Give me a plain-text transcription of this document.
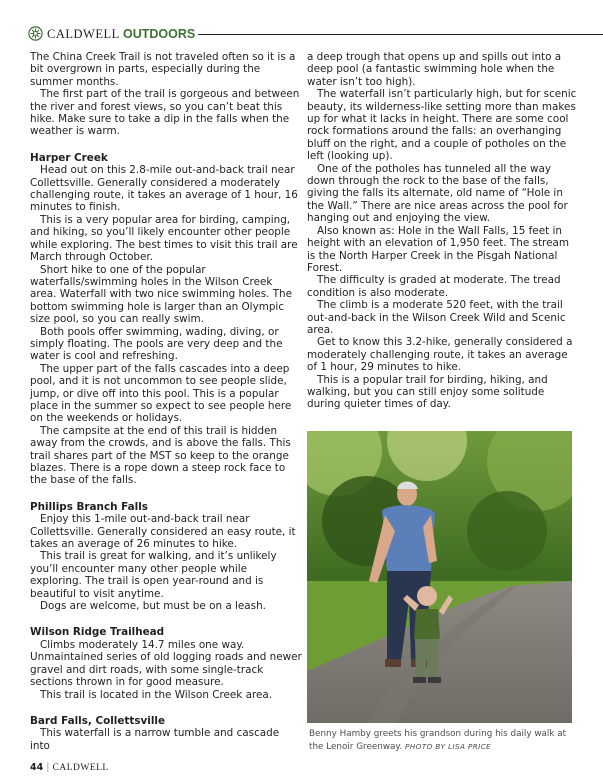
CALDWELL OUTDOORS

The China Creek Trail is not traveled often so it is a bit overgrown in parts, especially during the summer months.

The first part of the trail is gorgeous and between the river and forest views, so you can’t beat this hike. Make sure to take a dip in the falls when the weather is warm.

Harper Creek

Head out on this 2.8-mile out-and-back trail near Collettsville. Generally considered a moderately challenging route, it takes an average of 1 hour, 16 minutes to finish.

This is a very popular area for birding, camping, and hiking, so you’ll likely encounter other people while exploring. The best times to visit this trail are March through October.

Short hike to one of the popular waterfalls/swimming holes in the Wilson Creek area. Waterfall with two nice swimming holes. The bottom swimming hole is larger than an Olympic size pool, so you can really swim.

Both pools offer swimming, wading, diving, or simply floating. The pools are very deep and the water is cool and refreshing.

The upper part of the falls cascades into a deep pool, and it is not uncommon to see people slide, jump, or dive off into this pool. This is a popular place in the summer so expect to see people here on the weekends or holidays.

The campsite at the end of this trail is hidden away from the crowds, and is above the falls. This trail shares part of the MST so keep to the orange blazes. There is a rope down a steep rock face to the base of the falls.

Phillips Branch Falls

Enjoy this 1-mile out-and-back trail near Collettsville. Generally considered an easy route, it takes an average of 26 minutes to hike.

This trail is great for walking, and it’s unlikely you’ll encounter many other people while exploring. The trail is open year-round and is beautiful to visit anytime.

Dogs are welcome, but must be on a leash.

Wilson Ridge Trailhead

Climbs moderately 14.7 miles one way. Unmaintained series of old logging roads and newer gravel and dirt roads, with some single-track sections thrown in for good measure.

This trail is located in the Wilson Creek area.

Bard Falls, Collettsville

This waterfall is a narrow tumble and cascade into

a deep trough that opens up and spills out into a deep pool (a fantastic swimming hole when the water isn’t too high).

The waterfall isn’t particularly high, but for scenic beauty, its wilderness-like setting more than makes up for what it lacks in height. There are some cool rock formations around the falls: an overhanging bluff on the right, and a couple of potholes on the left (looking up).

One of the potholes has tunneled all the way down through the rock to the base of the falls, giving the falls its alternate, old name of “Hole in the Wall.” There are nice areas across the pool for hanging out and enjoying the view.

Also known as: Hole in the Wall Falls, 15 feet in height with an elevation of 1,950 feet. The stream is the North Harper Creek in the Pisgah National Forest.

The difficulty is graded at moderate. The tread condition is also moderate.

The climb is a moderate 520 feet, with the trail out-and-back in the Wilson Creek Wild and Scenic area.

Get to know this 3.2-hike, generally considered a moderately challenging route, it takes an average of 1 hour, 29 minutes to hike.

This is a popular trail for birding, hiking, and walking, but you can still enjoy some solitude during quieter times of day.

Benny Hamby greets his grandson during his daily walk at the Lenoir Greenway. PHOTO BY LISA PRICE
44 | CALDWELL
